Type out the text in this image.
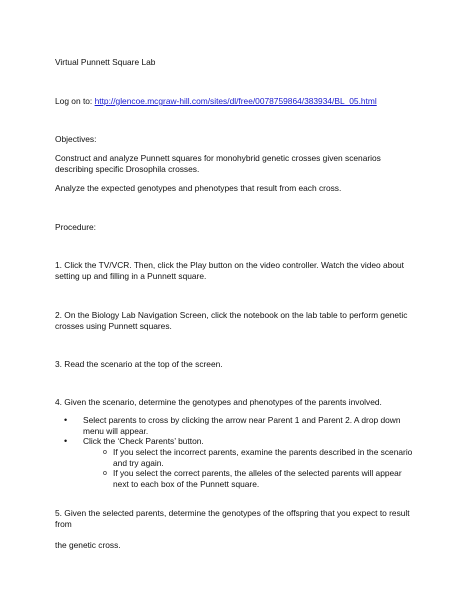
Virtual Punnett Square Lab
Log on to: http://glencoe.mcgraw-hill.com/sites/dl/free/0078759864/383934/BL_05.html
Objectives:
Construct and analyze Punnett squares for monohybrid genetic crosses given scenarios
describing specific Drosophila crosses.
Analyze the expected genotypes and phenotypes that result from each cross.
Procedure:
1. Click the TV/VCR. Then, click the Play button on the video controller. Watch the video about
setting up and filling in a Punnett square.
2. On the Biology Lab Navigation Screen, click the notebook on the lab table to perform genetic
crosses using Punnett squares.
3. Read the scenario at the top of the screen.
4. Given the scenario, determine the genotypes and phenotypes of the parents involved.
• Select parents to cross by clicking the arrow near Parent 1 and Parent 2. A drop down
menu will appear.
• Click the ‘Check Parents’ button.
o If you select the incorrect parents, examine the parents described in the scenario
and try again.
o If you select the correct parents, the alleles of the selected parents will appear
next to each box of the Punnett square.
5. Given the selected parents, determine the genotypes of the offspring that you expect to result
from
the genetic cross.
